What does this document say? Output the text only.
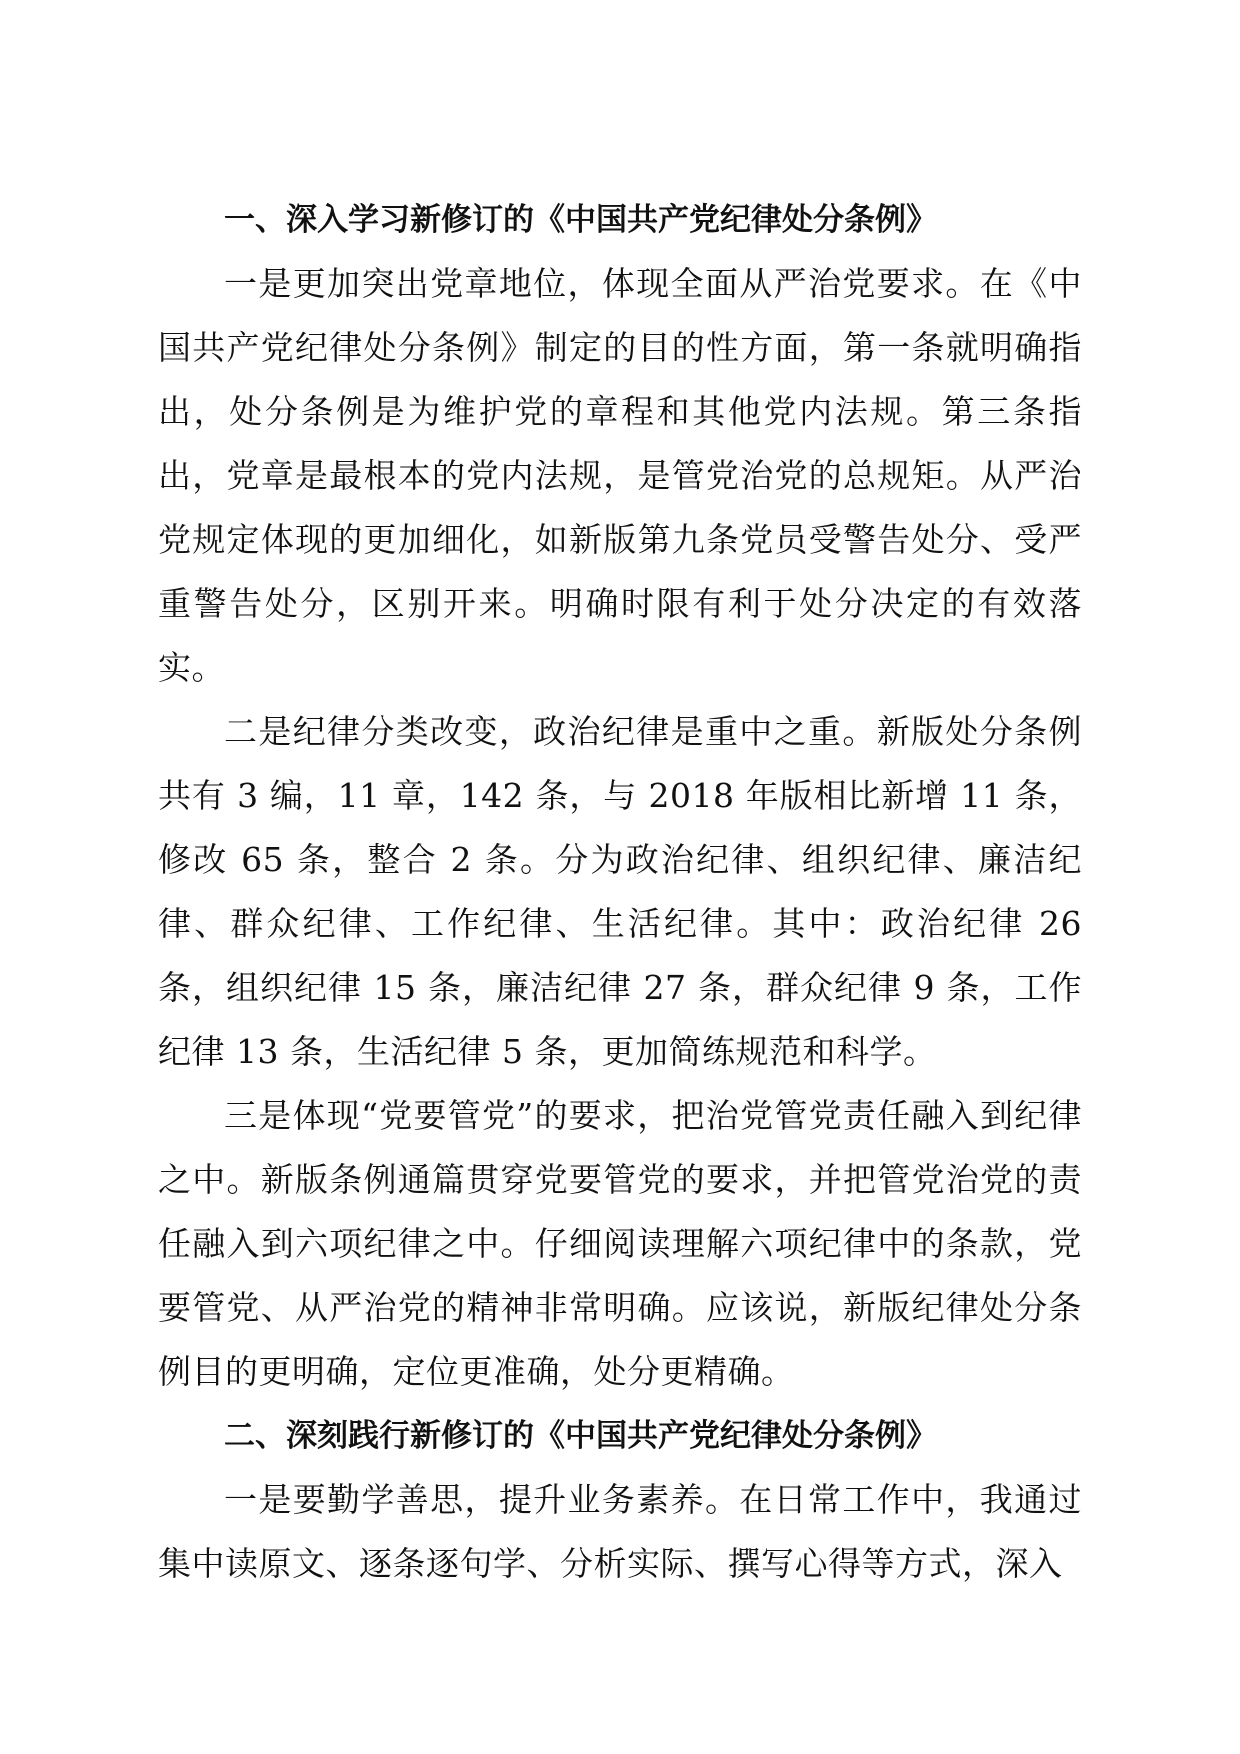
一、深入学习新修订的《中国共产党纪律处分条例》

一是更加突出党章地位，体现全面从严治党要求。在《中国共产党纪律处分条例》制定的目的性方面，第一条就明确指出，处分条例是为维护党的章程和其他党内法规。第三条指出，党章是最根本的党内法规，是管党治党的总规矩。从严治党规定体现的更加细化，如新版第九条党员受警告处分、受严重警告处分，区别开来。明确时限有利于处分决定的有效落实。

二是纪律分类改变，政治纪律是重中之重。新版处分条例共有 3 编，11 章，142 条，与 2018 年版相比新增 11 条，修改 65 条，整合 2 条。分为政治纪律、组织纪律、廉洁纪律、群众纪律、工作纪律、生活纪律。其中：政治纪律 26 条，组织纪律 15 条，廉洁纪律 27 条，群众纪律 9 条，工作纪律 13 条，生活纪律 5 条，更加简练规范和科学。

三是体现“党要管党”的要求，把治党管党责任融入到纪律之中。新版条例通篇贯穿党要管党的要求，并把管党治党的责任融入到六项纪律之中。仔细阅读理解六项纪律中的条款，党要管党、从严治党的精神非常明确。应该说，新版纪律处分条例目的更明确，定位更准确，处分更精确。

二、深刻践行新修订的《中国共产党纪律处分条例》

一是要勤学善思，提升业务素养。在日常工作中，我通过集中读原文、逐条逐句学、分析实际、撰写心得等方式，深入
